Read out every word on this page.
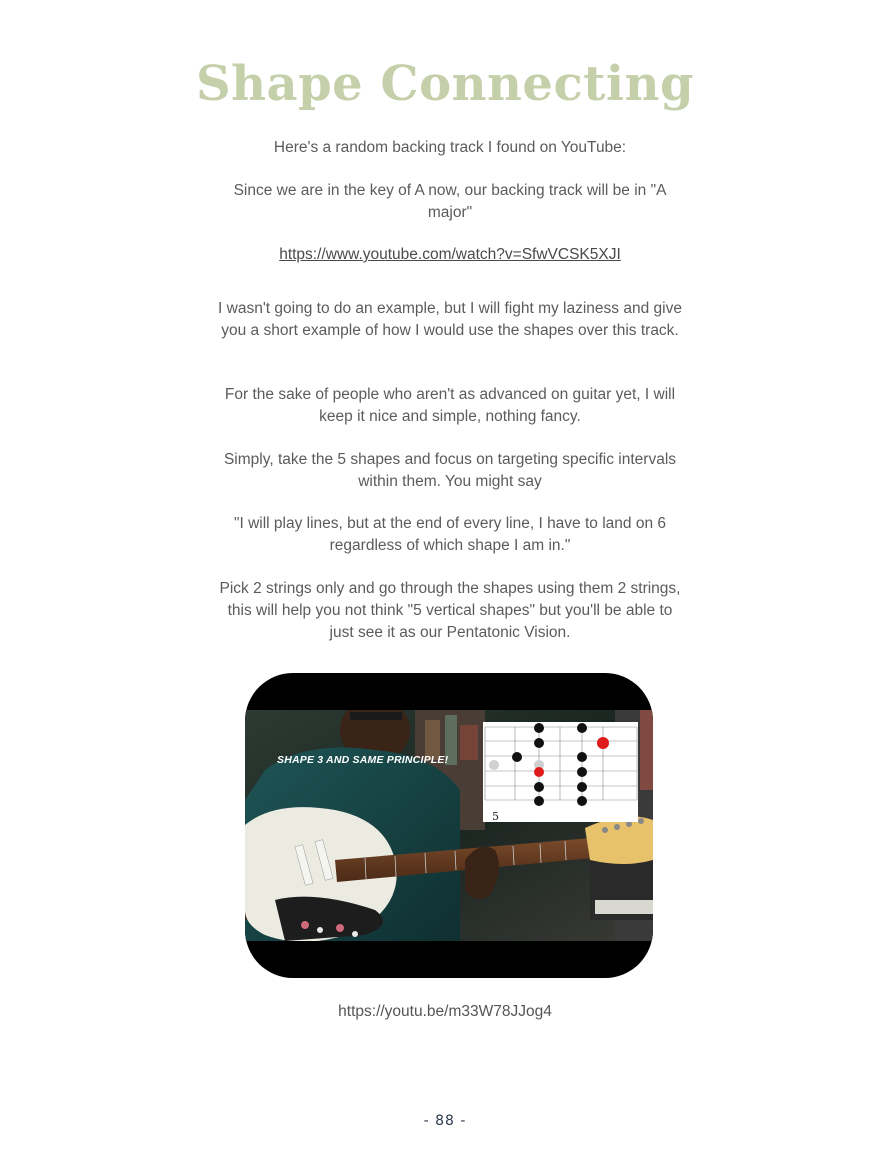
Shape Connecting

Here's a random backing track I found on YouTube:

Since we are in the key of A now, our backing track will be in "A major"

https://www.youtube.com/watch?v=SfwVCSK5XJI

I wasn't going to do an example, but I will fight my laziness and give you a short example of how I would use the shapes over this track.

For the sake of people who aren't as advanced on guitar yet, I will keep it nice and simple, nothing fancy.

Simply, take the 5 shapes and focus on targeting specific intervals within them. You might say

"I will play lines, but at the end of every line, I have to land on 6 regardless of which shape I am in."

Pick 2 strings only and go through the shapes using them 2 strings, this will help you not think "5 vertical shapes" but you'll be able to just see it as our Pentatonic Vision.

SHAPE 3 AND SAME PRINCIPLE!
5
https://youtu.be/m33W78JJog4
- 88 -
